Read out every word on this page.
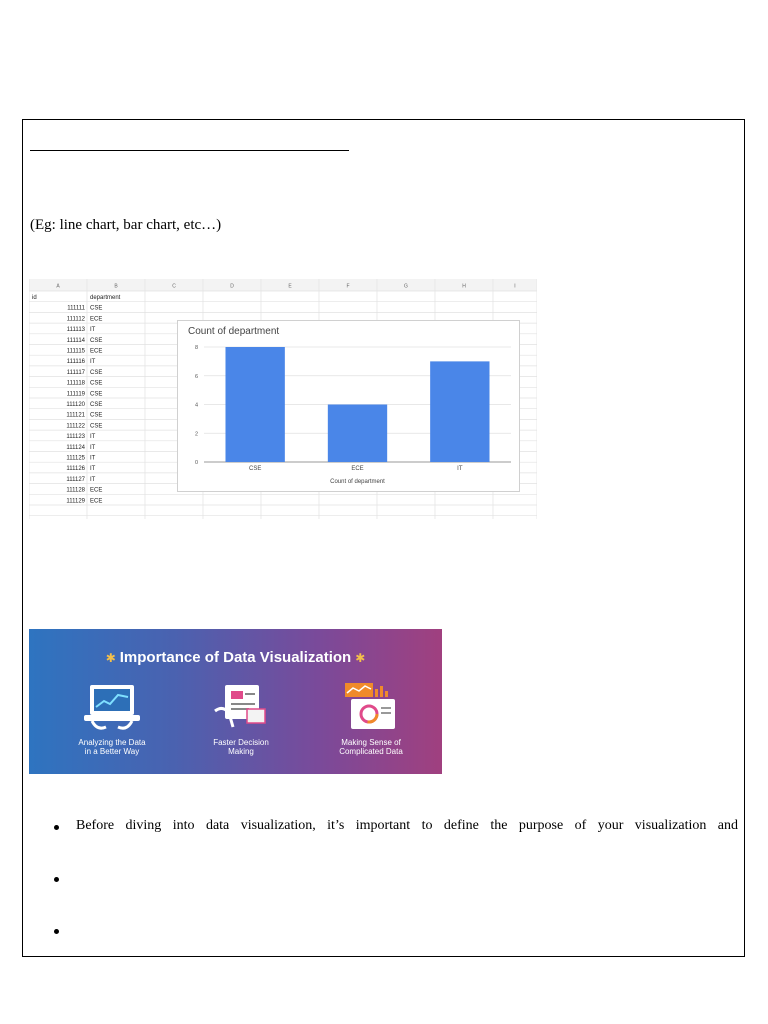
(Eg: line chart, bar chart, etc…)
A	B	C	D	E	F	G	H	I
id	department
111111 CSE
111112 ECE
111113 IT
111114 CSE
111115 ECE
111116 IT
111117 CSE
111118 CSE
111119 CSE
111120 CSE
111121 CSE
111122 CSE
111123 IT
111124 IT
111125 IT
111126 IT
111127 IT
111128 ECE
111129 ECE
Count of department
0
2
4
6
8
CSE	ECE	IT
Count of department
✱ Importance of Data Visualization ✱
Analyzing the Data
in a Better Way
Faster Decision
Making
Making Sense of
Complicated Data
Before diving into data visualization, it’s important to define the purpose of your visualization and
